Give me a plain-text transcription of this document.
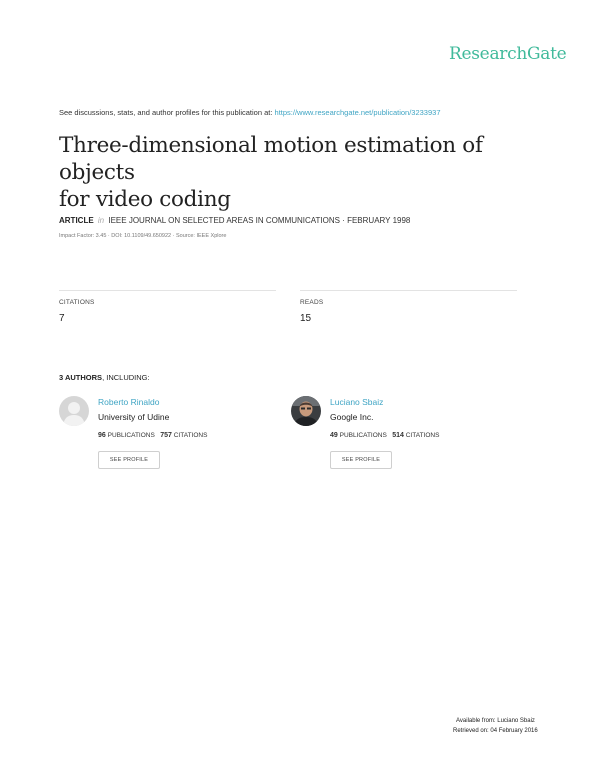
ResearchGate
See discussions, stats, and author profiles for this publication at: https://www.researchgate.net/publication/3233937
Three-dimensional motion estimation of objects
for video coding
ARTICLE in IEEE JOURNAL ON SELECTED AREAS IN COMMUNICATIONS · FEBRUARY 1998
Impact Factor: 3.45 · DOI: 10.1109/49.650922 · Source: IEEE Xplore
CITATIONS
7
READS
15
3 AUTHORS, INCLUDING:
Roberto Rinaldo
University of Udine
96 PUBLICATIONS 757 CITATIONS
SEE PROFILE
Luciano Sbaiz
Google Inc.
49 PUBLICATIONS 514 CITATIONS
SEE PROFILE
Available from: Luciano Sbaiz
Retrieved on: 04 February 2016
